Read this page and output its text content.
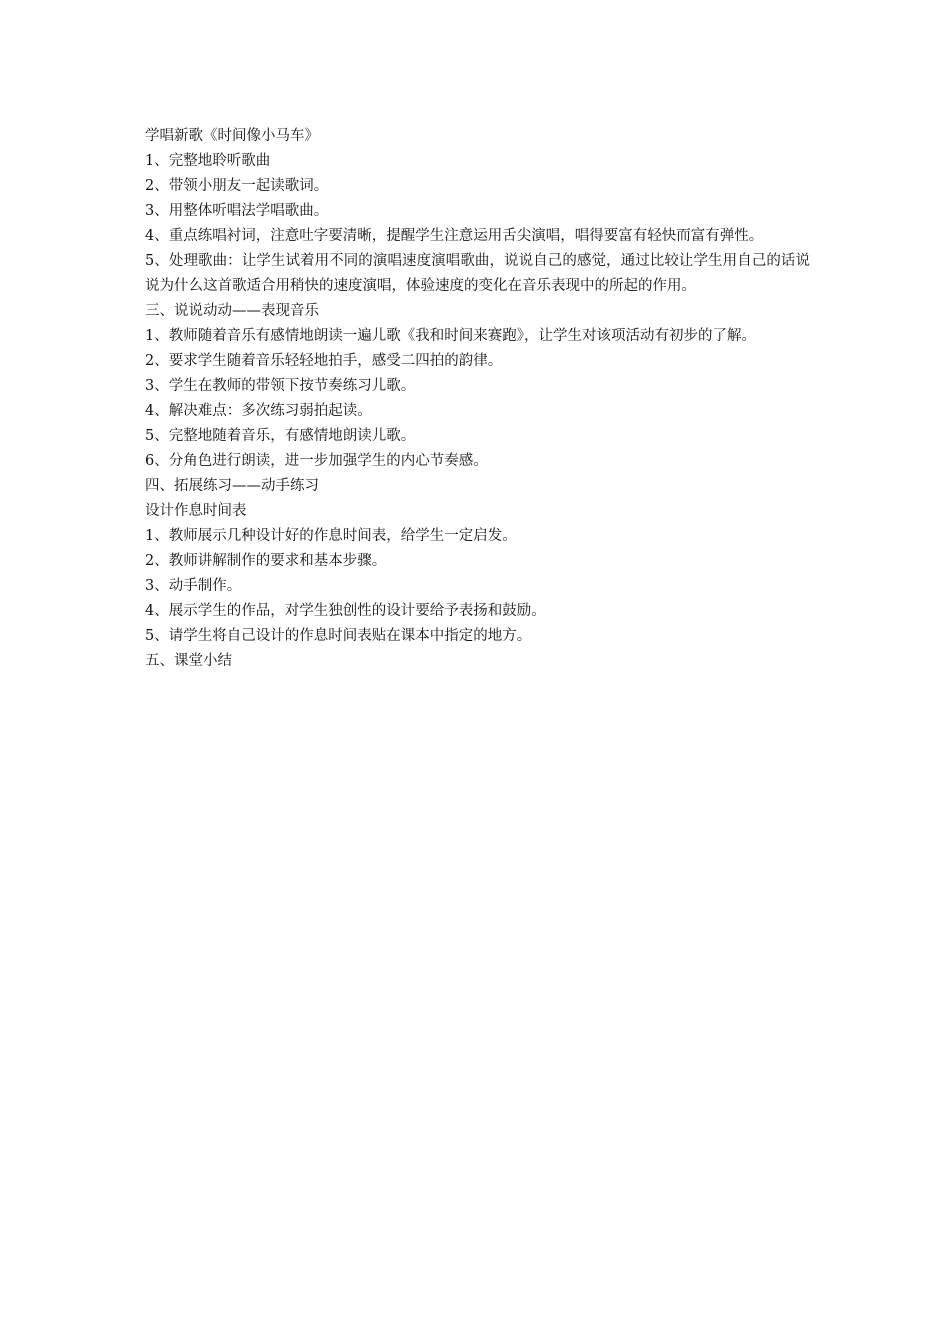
学唱新歌《时间像小马车》

1、完整地聆听歌曲

2、带领小朋友一起读歌词。

3、用整体听唱法学唱歌曲。

4、重点练唱衬词，注意吐字要清晰，提醒学生注意运用舌尖演唱，唱得要富有轻快而富有弹性。

5、处理歌曲：让学生试着用不同的演唱速度演唱歌曲，说说自己的感觉，通过比较让学生用自己的话说说为什么这首歌适合用稍快的速度演唱，体验速度的变化在音乐表现中的所起的作用。

三、说说动动——表现音乐

1、教师随着音乐有感情地朗读一遍儿歌《我和时间来赛跑》，让学生对该项活动有初步的了解。

2、要求学生随着音乐轻轻地拍手，感受二四拍的韵律。

3、学生在教师的带领下按节奏练习儿歌。

4、解决难点：多次练习弱拍起读。

5、完整地随着音乐，有感情地朗读儿歌。

6、分角色进行朗读，进一步加强学生的内心节奏感。

四、拓展练习——动手练习

设计作息时间表

1、教师展示几种设计好的作息时间表，给学生一定启发。

2、教师讲解制作的要求和基本步骤。

3、动手制作。

4、展示学生的作品，对学生独创性的设计要给予表扬和鼓励。

5、请学生将自己设计的作息时间表贴在课本中指定的地方。

五、课堂小结
